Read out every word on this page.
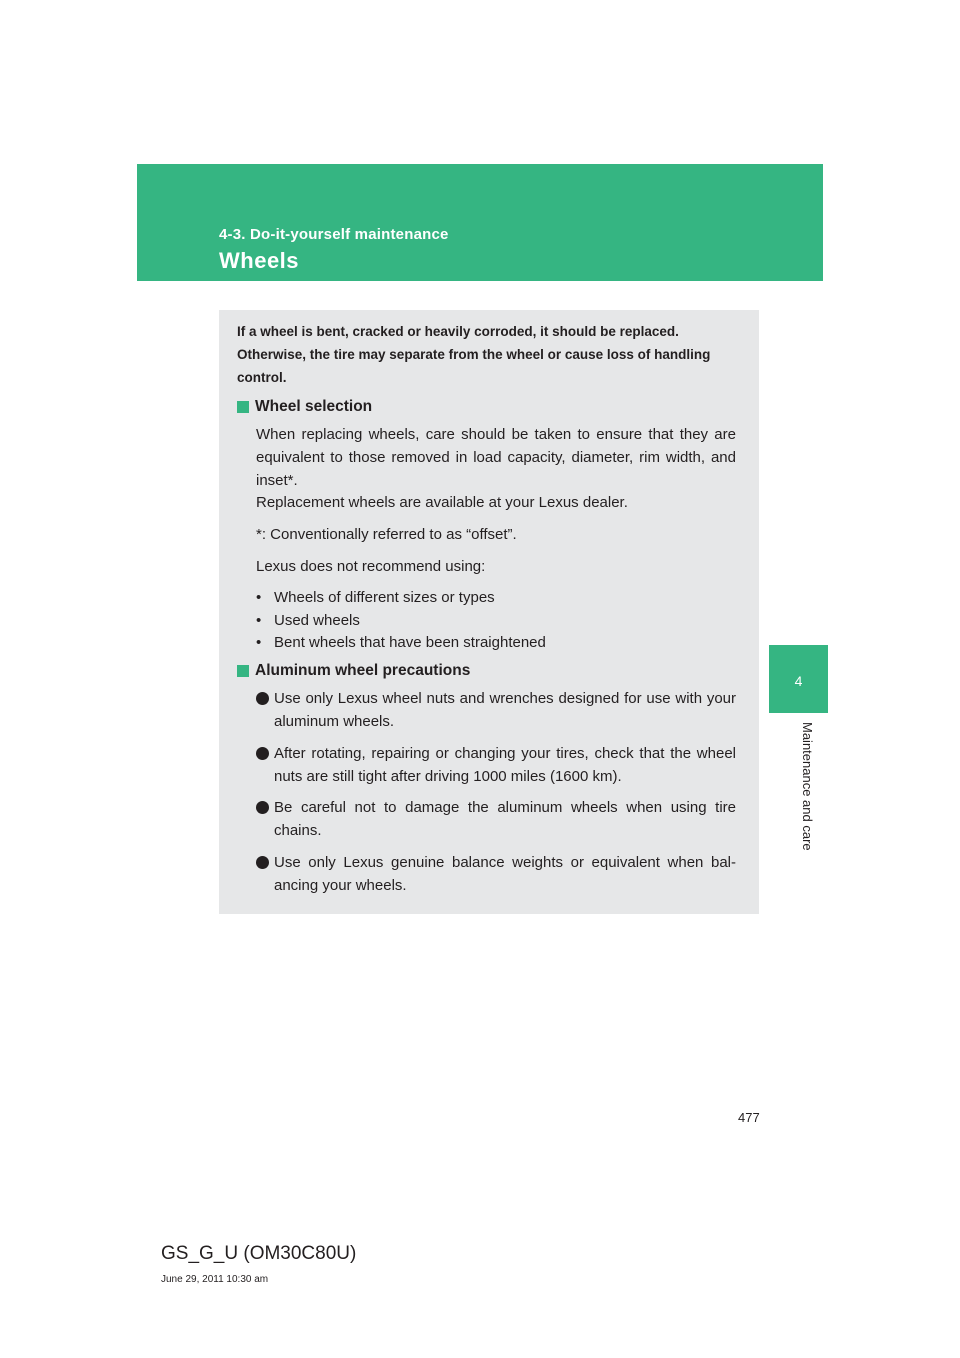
4-3. Do-it-yourself maintenance
Wheels
4
Maintenance and care
If a wheel is bent, cracked or heavily corroded, it should be replaced. Otherwise, the tire may separate from the wheel or cause loss of handling control.
Wheel selection
When replacing wheels, care should be taken to ensure that they are equivalent to those removed in load capacity, diameter, rim width, and inset*.
Replacement wheels are available at your Lexus dealer.
*: Conventionally referred to as “offset”.
Lexus does not recommend using:
• Wheels of different sizes or types
• Used wheels
• Bent wheels that have been straightened
Aluminum wheel precautions
Use only Lexus wheel nuts and wrenches designed for use with your aluminum wheels.
After rotating, repairing or changing your tires, check that the wheel nuts are still tight after driving 1000 miles (1600 km).
Be careful not to damage the aluminum wheels when using tire chains.
Use only Lexus genuine balance weights or equivalent when bal-ancing your wheels.
477
GS_G_U (OM30C80U)
June 29, 2011 10:30 am
